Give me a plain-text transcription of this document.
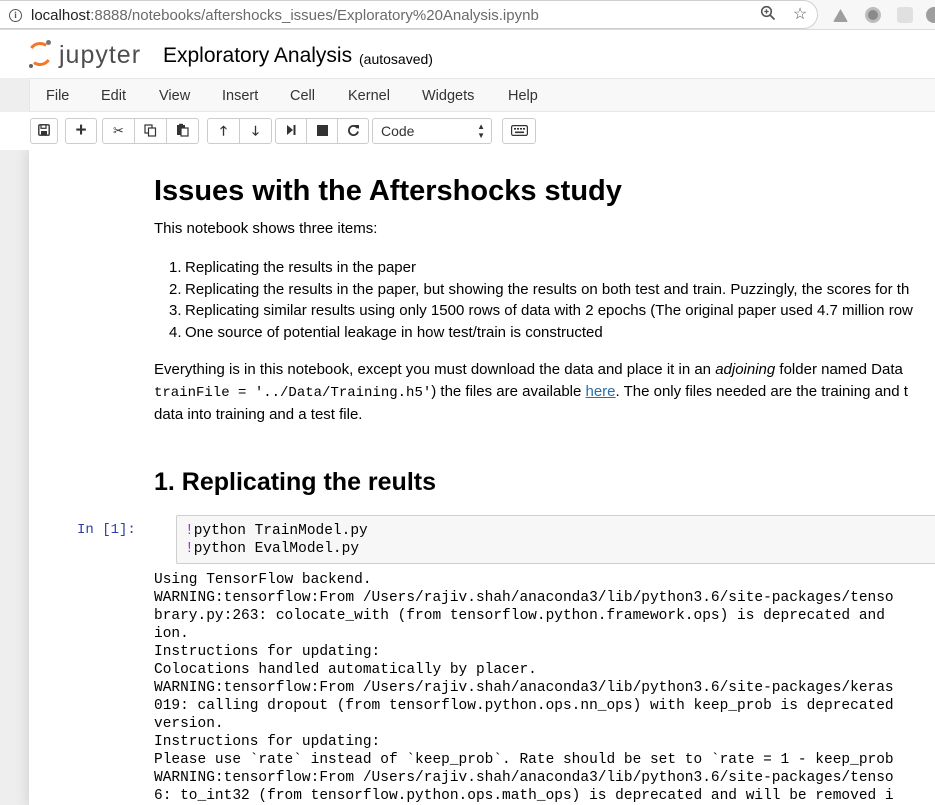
i localhost:8888/notebooks/aftershocks_issues/Exploratory%20Analysis.ipynb	☆
jupyter Exploratory Analysis (autosaved)
File Edit View Insert Cell Kernel Widgets Help
+	✂	🡑	🡓	Code	▲
▼
Issues with the Aftershocks study
This notebook shows three items:
1. Replicating the results in the paper
2. Replicating the results in the paper, but showing the results on both test and train. Puzzingly, the scores for th
3. Replicating similar results using only 1500 rows of data with 2 epochs (The original paper used 4.7 million row
4. One source of potential leakage in how test/train is constructed
Everything is in this notebook, except you must download the data and place it in an adjoining folder named Data
trainFile = '../Data/Training.h5') the files are available here. The only files needed are the training and t
data into training and a test file.
1. Replicating the reults
In [1]:	!python TrainModel.py
!python EvalModel.py
Using TensorFlow backend.
WARNING:tensorflow:From /Users/rajiv.shah/anaconda3/lib/python3.6/site-packages/tenso
brary.py:263: colocate_with (from tensorflow.python.framework.ops) is deprecated and
ion.
Instructions for updating:
Colocations handled automatically by placer.
WARNING:tensorflow:From /Users/rajiv.shah/anaconda3/lib/python3.6/site-packages/keras
019: calling dropout (from tensorflow.python.ops.nn_ops) with keep_prob is deprecated
version.
Instructions for updating:
Please use `rate` instead of `keep_prob`. Rate should be set to `rate = 1 - keep_prob
WARNING:tensorflow:From /Users/rajiv.shah/anaconda3/lib/python3.6/site-packages/tenso
6: to_int32 (from tensorflow.python.ops.math_ops) is deprecated and will be removed i
